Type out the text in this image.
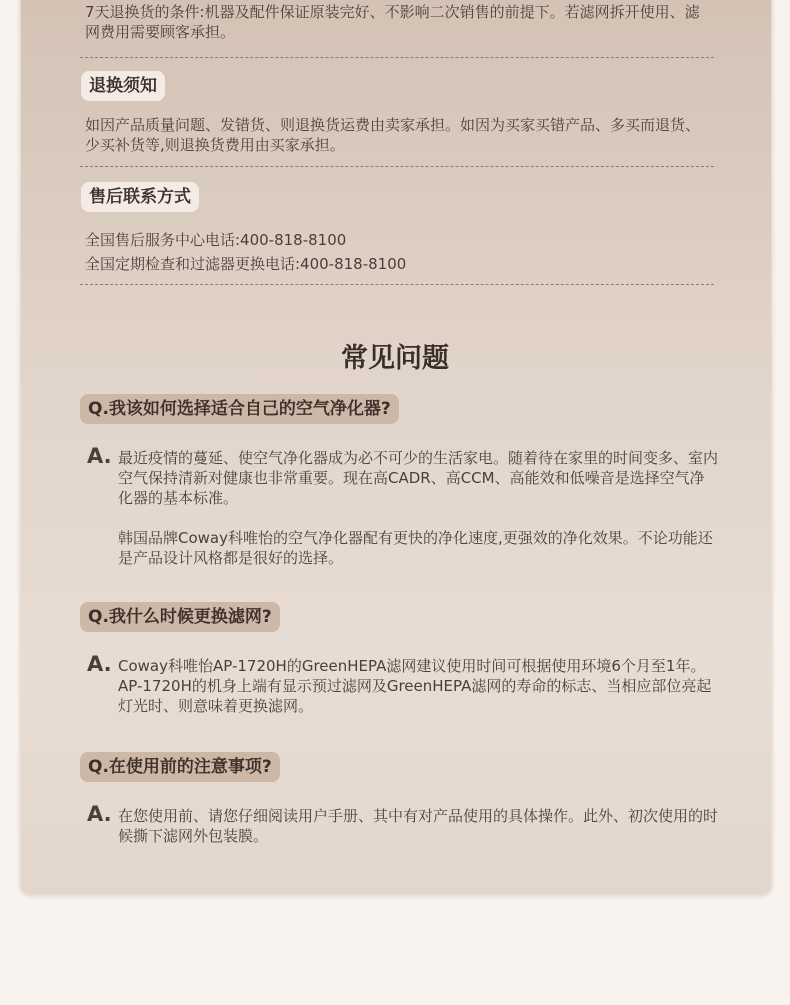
7天退换货的条件:机器及配件保证原装完好、不影响二次销售的前提下。若滤网拆开使用、滤网费用需要顾客承担。

退换须知

如因产品质量问题、发错货、则退换货运费由卖家承担。如因为买家买错产品、多买而退货、少买补货等,则退换货费用由买家承担。

售后联系方式

全国售后服务中心电话:400-818-8100

全国定期检查和过滤器更换电话:400-818-8100

常见问题
Q.我该如何选择适合自己的空气净化器?
A. 最近疫情的蔓延、使空气净化器成为必不可少的生活家电。随着待在家里的时间变多、室内空气保持清新对健康也非常重要。现在高CADR、高CCM、高能效和低噪音是选择空气净化器的基本标准。

韩国品牌Coway科唯怡的空气净化器配有更快的净化速度,更强效的净化效果。不论功能还是产品设计风格都是很好的选择。

Q.我什么时候更换滤网?
A. Coway科唯怡AP-1720H的GreenHEPA滤网建议使用时间可根据使用环境6个月至1年。AP-1720H的机身上端有显示预过滤网及GreenHEPA滤网的寿命的标志、当相应部位亮起灯光时、则意味着更换滤网。

Q.在使用前的注意事项?
A. 在您使用前、请您仔细阅读用户手册、其中有对产品使用的具体操作。此外、初次使用的时候撕下滤网外包装膜。
